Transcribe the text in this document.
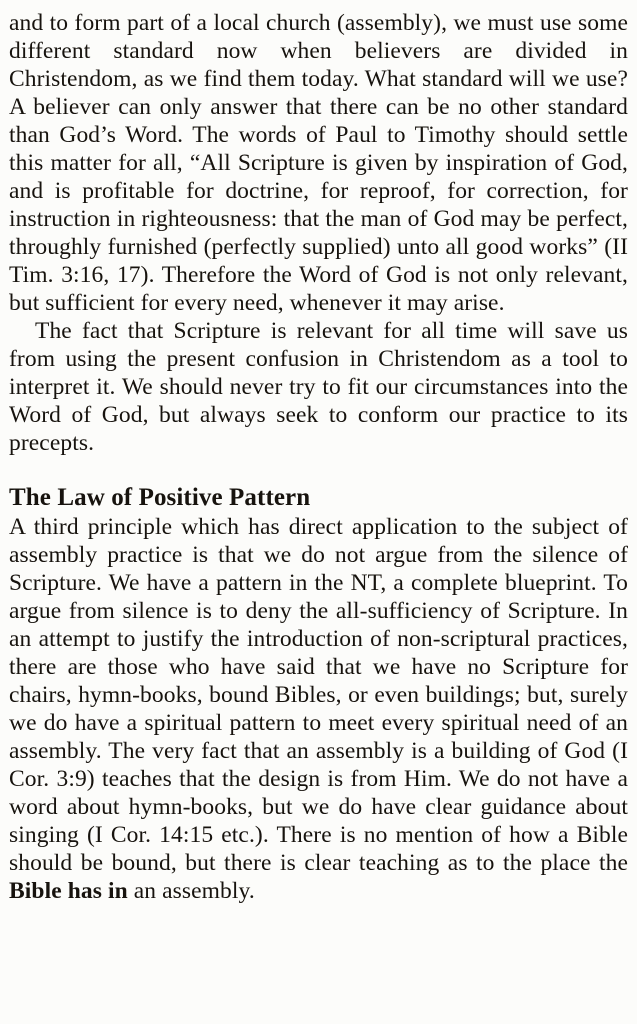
and to form part of a local church (assembly), we must use some different standard now when believers are divided in Christendom, as we find them today. What standard will we use? A believer can only answer that there can be no other standard than God’s Word. The words of Paul to Timothy should settle this matter for all, “All Scripture is given by inspiration of God, and is profitable for doctrine, for reproof, for correction, for instruction in righteousness: that the man of God may be perfect, throughly furnished (perfectly supplied) unto all good works” (II Tim. 3:16, 17). Therefore the Word of God is not only relevant, but sufficient for every need, whenever it may arise.

The fact that Scripture is relevant for all time will save us from using the present confusion in Christendom as a tool to interpret it. We should never try to fit our circumstances into the Word of God, but always seek to conform our practice to its precepts.

The Law of Positive Pattern

A third principle which has direct application to the subject of assembly practice is that we do not argue from the silence of Scripture. We have a pattern in the NT, a complete blueprint. To argue from silence is to deny the all-sufficiency of Scripture. In an attempt to justify the introduction of non-scriptural practices, there are those who have said that we have no Scripture for chairs, hymn-books, bound Bibles, or even buildings; but, surely we do have a spiritual pattern to meet every spiritual need of an assembly. The very fact that an assembly is a building of God (I Cor. 3:9) teaches that the design is from Him. We do not have a word about hymn-books, but we do have clear guidance about singing (I Cor. 14:15 etc.). There is no mention of how a Bible should be bound, but there is clear teaching as to the place the Bible has in an assembly.
